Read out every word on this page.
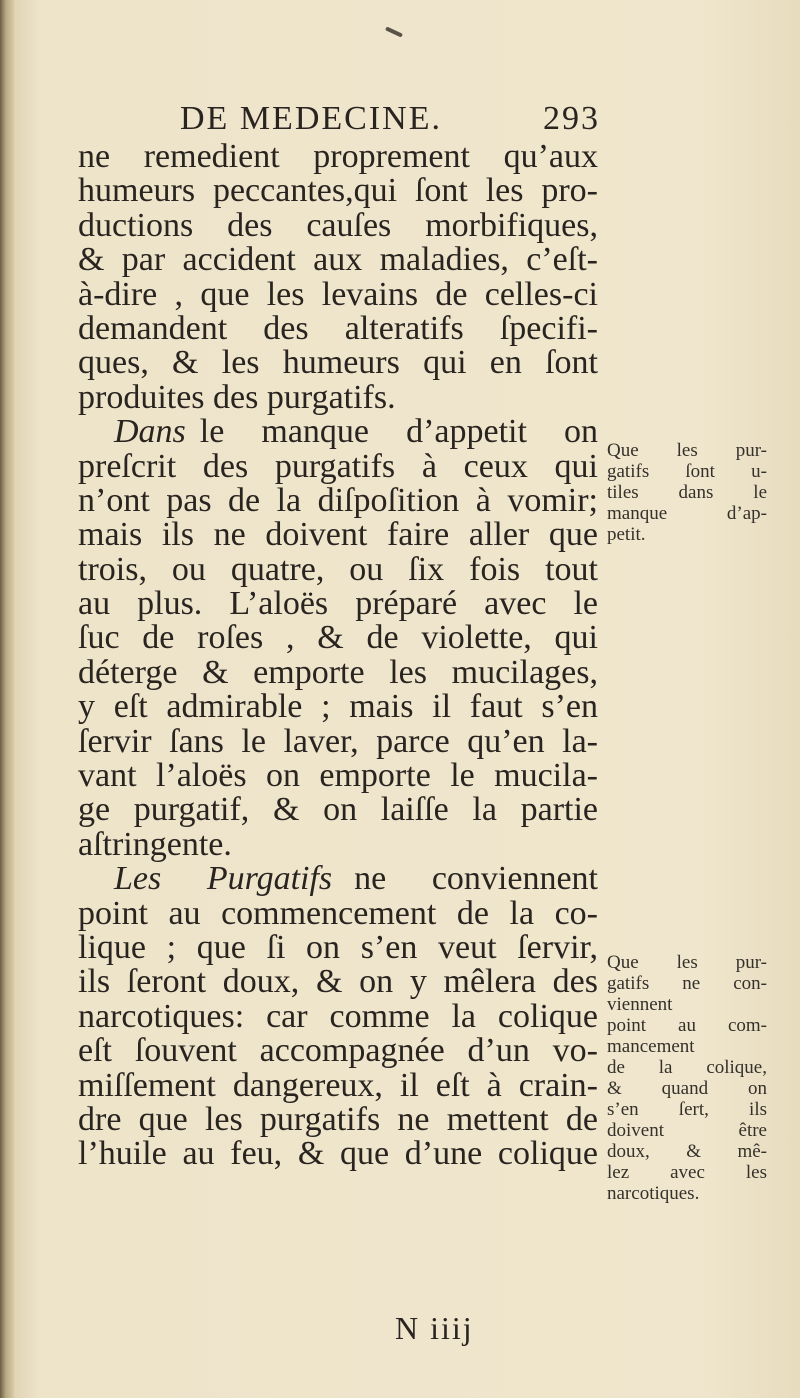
DE MEDECINE.	293
ne remedient proprement qu’aux
humeurs peccantes,qui ſont les pro-
ductions des cauſes morbifiques,
& par accident aux maladies, c’eſt-
à-dire , que les levains de celles-ci
demandent des alteratifs ſpecifi-
ques, & les humeurs qui en ſont
produites des purgatifs.
Dans le manque d’appetit on
preſcrit des purgatifs à ceux qui
n’ont pas de la diſpoſition à vomir;
mais ils ne doivent faire aller que
trois, ou quatre, ou ſix fois tout
au plus. L’aloës préparé avec le
ſuc de roſes , & de violette, qui
déterge & emporte les mucilages,
y eſt admirable ; mais il faut s’en
ſervir ſans le laver, parce qu’en la-
vant l’aloës on emporte le mucila-
ge purgatif, & on laiſſe la partie
aſtringente.
Les Purgatifs ne conviennent
point au commencement de la co-
lique ; que ſi on s’en veut ſervir,
ils ſeront doux, & on y mêlera des
narcotiques: car comme la colique
eſt ſouvent accompagnée d’un vo-
miſſement dangereux, il eſt à crain-
dre que les purgatifs ne mettent de
l’huile au feu, & que d’une colique
Que les pur-
gatifs ſont u-
tiles dans le
manque d’ap-
petit.
Que les pur-
gatifs ne con-
viennent
point au com-
mancement
de la colique,
& quand on
s’en ſert, ils
doivent être
doux, & mê-
lez avec les
narcotiques.
N iiij
